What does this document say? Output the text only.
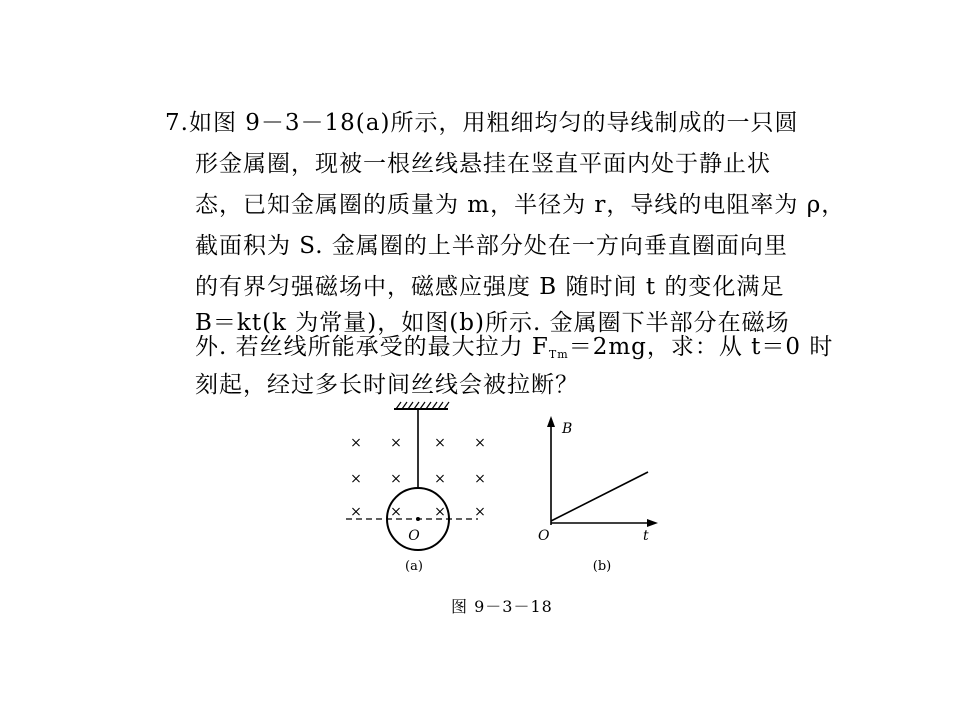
7.如图 9－3－18(a)所示，用粗细均匀的导线制成的一只圆
形金属圈，现被一根丝线悬挂在竖直平面内处于静止状
态，已知金属圈的质量为 m，半径为 r，导线的电阻率为 ρ，
截面积为 S. 金属圈的上半部分处在一方向垂直圈面向里
的有界匀强磁场中，磁感应强度 B 随时间 t 的变化满足
B＝kt(k 为常量)，如图(b)所示. 金属圈下半部分在磁场
外. 若丝线所能承受的最大拉力 $F_{Tm}=2mg$，求：从 t＝0 时
刻起，经过多长时间丝线会被拉断？
× × × ×
× × × ×
× × × ×
O
(a)
B
t
O
(b)
图 9－3－18
